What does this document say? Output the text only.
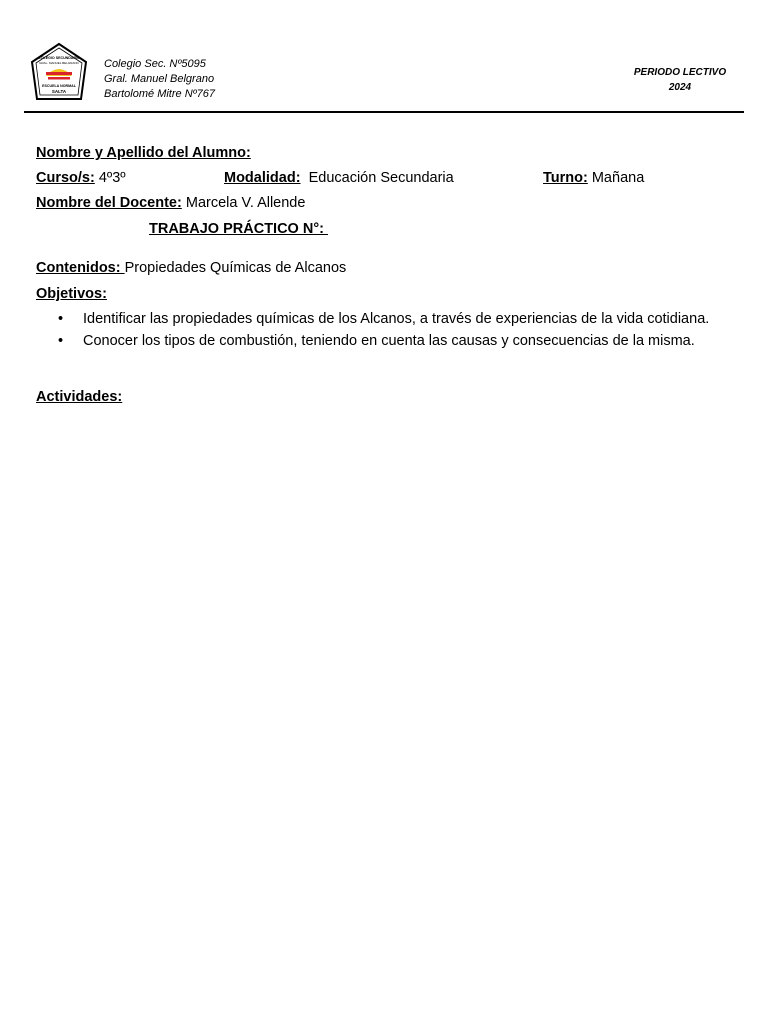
COLEGIO SECUNDARIO
GRAL. MANUEL BELGRANO
ESCUELA NORMAL
SALTA
Colegio Sec. Nº5095
Gral. Manuel Belgrano
Bartolomé Mitre Nº767
PERIODO LECTIVO
2024
Nombre y Apellido del Alumno:
Curso/s: 4º3º	Modalidad:  Educación Secundaria	Turno: Mañana
Nombre del Docente: Marcela V. Allende
TRABAJO PRÁCTICO N°:
Contenidos: Propiedades Químicas de Alcanos
Objetivos:
•	Identificar las propiedades químicas de los Alcanos, a través de experiencias de la vida cotidiana.
•	Conocer los tipos de combustión, teniendo en cuenta las causas y consecuencias de la misma.
Actividades:
